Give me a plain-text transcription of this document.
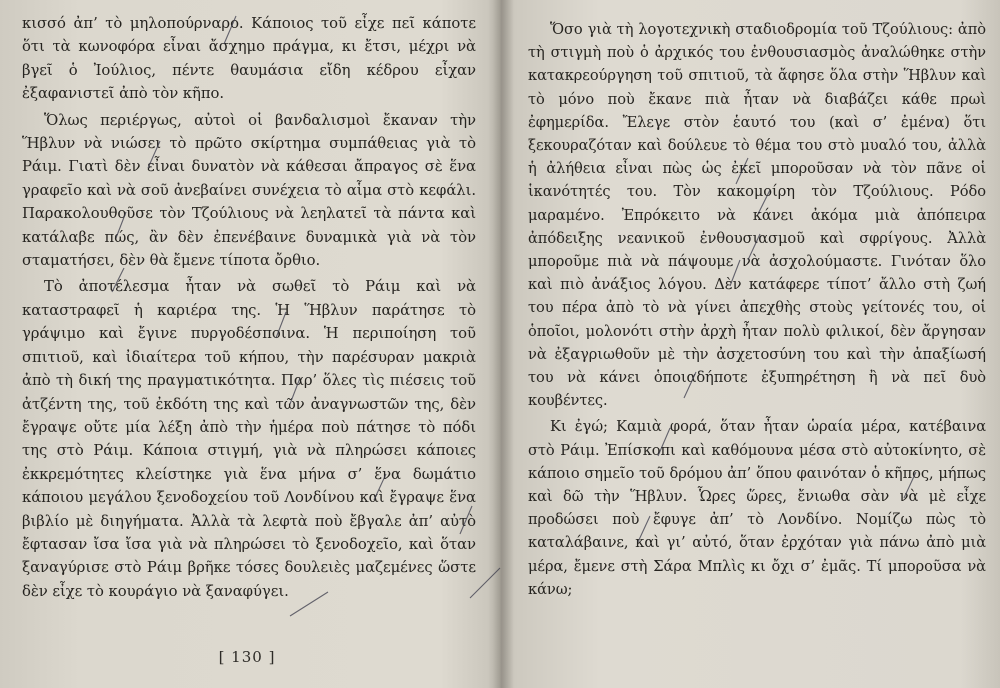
κισσό ἀπ’ τὸ μηλοπούρναρο. Κάποιος τοῦ εἶχε πεῖ κάποτε ὅτι τὰ κωνοφόρα εἶναι ἄσχημο πράγμα, κι ἔτσι, μέχρι νὰ βγεῖ ὁ Ἰούλιος, πέντε θαυμάσια εἴδη κέδρου εἶχαν ἐξαφανιστεῖ ἀπὸ τὸν κῆπο.

Ὅλως περιέργως, αὐτοὶ οἱ βανδαλισμοὶ ἔκαναν τὴν Ἥβλυν νὰ νιώσει τὸ πρῶτο σκίρτημα συμπάθειας γιὰ τὸ Ράιμ. Γιατὶ δὲν εἶναι δυνατὸν νὰ κάθεσαι ἄπραγος σὲ ἕνα γραφεῖο καὶ νὰ σοῦ ἀνεβαίνει συνέχεια τὸ αἷμα στὸ κεφάλι. Παρακολουθοῦσε τὸν Τζούλιους νὰ λεηλατεῖ τὰ πάντα καὶ κατάλαβε πώς, ἂν δὲν ἐπενέβαινε δυναμικὰ γιὰ νὰ τὸν σταματήσει, δὲν θὰ ἔμενε τίποτα ὄρθιο.

Τὸ ἀποτέλεσμα ἦταν νὰ σωθεῖ τὸ Ράιμ καὶ νὰ καταστραφεῖ ἡ καριέρα της. Ἡ Ἥβλυν παράτησε τὸ γράψιμο καὶ ἔγινε πυργοδέσποινα. Ἡ περιποίηση τοῦ σπιτιοῦ, καὶ ἰδιαίτερα τοῦ κήπου, τὴν παρέσυραν μακριὰ ἀπὸ τὴ δική της πραγματικότητα. Παρ’ ὅλες τὶς πιέσεις τοῦ ἀτζέντη της, τοῦ ἐκδότη της καὶ τῶν ἀναγνωστῶν της, δὲν ἔγραψε οὔτε μία λέξη ἀπὸ τὴν ἡμέρα ποὺ πάτησε τὸ πόδι της στὸ Ράιμ. Κάποια στιγμή, γιὰ νὰ πληρώσει κάποιες ἐκκρεμότητες κλείστηκε γιὰ ἕνα μήνα σ’ ἕνα δωμάτιο κάποιου μεγάλου ξενοδοχείου τοῦ Λονδίνου καὶ ἔγραψε ἕνα βιβλίο μὲ διηγήματα. Ἀλλὰ τὰ λεφτὰ ποὺ ἔβγαλε ἀπ’ αὐτὸ ἔφτασαν ἴσα ἴσα γιὰ νὰ πληρώσει τὸ ξενοδοχεῖο, καὶ ὅταν ξαναγύρισε στὸ Ράιμ βρῆκε τόσες δουλειὲς μαζεμένες ὥστε δὲν εἶχε τὸ κουράγιο νὰ ξαναφύγει.

[ 130 ]

Ὅσο γιὰ τὴ λογοτεχνικὴ σταδιοδρομία τοῦ Τζούλιους: ἀπὸ τὴ στιγμὴ ποὺ ὁ ἀρχικός του ἐνθουσιασμὸς ἀναλώθηκε στὴν κατακρεούργηση τοῦ σπιτιοῦ, τὰ ἄφησε ὅλα στὴν Ἥβλυν καὶ τὸ μόνο ποὺ ἔκανε πιὰ ἦταν νὰ διαβάζει κάθε πρωὶ ἐφημερίδα. Ἔλεγε στὸν ἑαυτό του (καὶ σ’ ἐμένα) ὅτι ξεκουραζόταν καὶ δούλευε τὸ θέμα του στὸ μυαλό του, ἀλλὰ ἡ ἀλήθεια εἶναι πὼς ὡς ἐκεῖ μποροῦσαν νὰ τὸν πᾶνε οἱ ἱκανότητές του. Τὸν κακομοίρη τὸν Τζούλιους. Ρόδο μαραμένο. Ἐπρόκειτο νὰ κάνει ἀκόμα μιὰ ἀπόπειρα ἀπόδειξης νεανικοῦ ἐνθουσιασμοῦ καὶ σφρίγους. Ἀλλὰ μποροῦμε πιὰ νὰ πάψουμε νὰ ἀσχολούμαστε. Γινόταν ὅλο καὶ πιὸ ἀνάξιος λόγου. Δὲν κατάφερε τίποτ’ ἄλλο στὴ ζωή του πέρα ἀπὸ τὸ νὰ γίνει ἀπεχθὴς στοὺς γείτονές του, οἱ ὁποῖοι, μολονότι στὴν ἀρχὴ ἦταν πολὺ φιλικοί, δὲν ἄργησαν νὰ ἐξαγριωθοῦν μὲ τὴν ἀσχετοσύνη του καὶ τὴν ἀπαξίωσή του νὰ κάνει ὁποιαδήποτε ἐξυπηρέτηση ἢ νὰ πεῖ δυὸ κουβέντες.

Κι ἐγώ; Καμιὰ φορά, ὅταν ἦταν ὡραία μέρα, κατέβαινα στὸ Ράιμ. Ἐπίσκοπι καὶ καθόμουνα μέσα στὸ αὐτοκίνητο, σὲ κάποιο σημεῖο τοῦ δρόμου ἀπ’ ὅπου φαινόταν ὁ κῆπος, μήπως καὶ δῶ τὴν Ἥβλυν. Ὧρες ὥρες, ἔνιωθα σὰν νὰ μὲ εἶχε προδώσει ποὺ ἔφυγε ἀπ’ τὸ Λονδίνο. Νομίζω πὼς τὸ καταλάβαινε, καὶ γι’ αὐτό, ὅταν ἐρχόταν γιὰ πάνω ἀπὸ μιὰ μέρα, ἔμενε στὴ Σάρα Μπλὶς κι ὄχι σ’ ἐμᾶς. Τί μποροῦσα νὰ κάνω;
